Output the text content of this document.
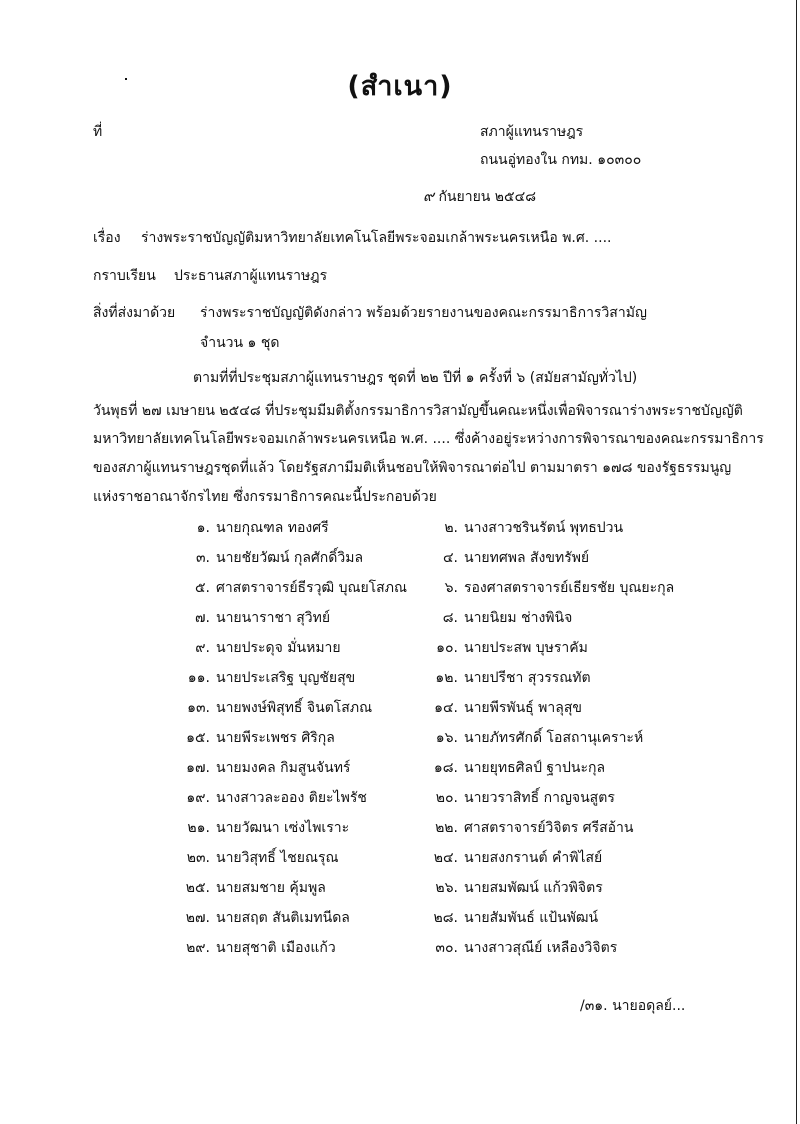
(สำเนา)
ที่	สภาผู้แทนราษฎร
ถนนอู่ทองใน กทม. ๑๐๓๐๐
๙ กันยายน ๒๕๔๘
เรื่อง ร่างพระราชบัญญัติมหาวิทยาลัยเทคโนโลยีพระจอมเกล้าพระนครเหนือ พ.ศ. ....
กราบเรียน ประธานสภาผู้แทนราษฎร
สิ่งที่ส่งมาด้วย ร่างพระราชบัญญัติดังกล่าว พร้อมด้วยรายงานของคณะกรรมาธิการวิสามัญ
จำนวน ๑ ชุด
ตามที่ที่ประชุมสภาผู้แทนราษฎร ชุดที่ ๒๒ ปีที่ ๑ ครั้งที่ ๖ (สมัยสามัญทั่วไป)
วันพุธที่ ๒๗ เมษายน ๒๕๔๘ ที่ประชุมมีมติตั้งกรรมาธิการวิสามัญขึ้นคณะหนึ่งเพื่อพิจารณาร่างพระราชบัญญัติ
มหาวิทยาลัยเทคโนโลยีพระจอมเกล้าพระนครเหนือ พ.ศ. .... ซึ่งค้างอยู่ระหว่างการพิจารณาของคณะกรรมาธิการ
ของสภาผู้แทนราษฎรชุดที่แล้ว โดยรัฐสภามีมติเห็นชอบให้พิจารณาต่อไป ตามมาตรา ๑๗๘ ของรัฐธรรมนูญ
แห่งราชอาณาจักรไทย ซึ่งกรรมาธิการคณะนี้ประกอบด้วย
๑. นายกุณฑล ทองศรี	๒. นางสาวชรินรัตน์ พุทธปวน
๓. นายชัยวัฒน์ กุลศักดิ์วิมล	๔. นายทศพล สังขทรัพย์
๕. ศาสตราจารย์ธีรวุฒิ บุณยโสภณ	๖. รองศาสตราจารย์เธียรชัย บุณยะกุล
๗. นายนาราชา สุวิทย์	๘. นายนิยม ช่างพินิจ
๙. นายประดุจ มั่นหมาย	๑๐. นายประสพ บุษราคัม
๑๑. นายประเสริฐ บุญชัยสุข	๑๒. นายปรีชา สุวรรณทัต
๑๓. นายพงษ์พิสุทธิ์ จินตโสภณ	๑๔. นายพีรพันธุ์ พาลุสุข
๑๕. นายพีระเพชร ศิริกุล	๑๖. นายภัทรศักดิ์ โอสถานุเคราะห์
๑๗. นายมงคล กิมสูนจันทร์	๑๘. นายยุทธศิลป์ ฐาปนะกุล
๑๙. นางสาวละออง ติยะไพรัช	๒๐. นายวราสิทธิ์ กาญจนสูตร
๒๑. นายวัฒนา เซ่งไพเราะ	๒๒. ศาสตราจารย์วิจิตร ศรีสอ้าน
๒๓. นายวิสุทธิ์ ไชยณรุณ	๒๔. นายสงกรานต์ คำพิไสย์
๒๕. นายสมชาย คุ้มพูล	๒๖. นายสมพัฒน์ แก้วพิจิตร
๒๗. นายสฤต สันติเมทนีดล	๒๘. นายสัมพันธ์ แป้นพัฒน์
๒๙. นายสุชาติ เมืองแก้ว	๓๐. นางสาวสุณีย์ เหลืองวิจิตร
/๓๑. นายอดุลย์...
